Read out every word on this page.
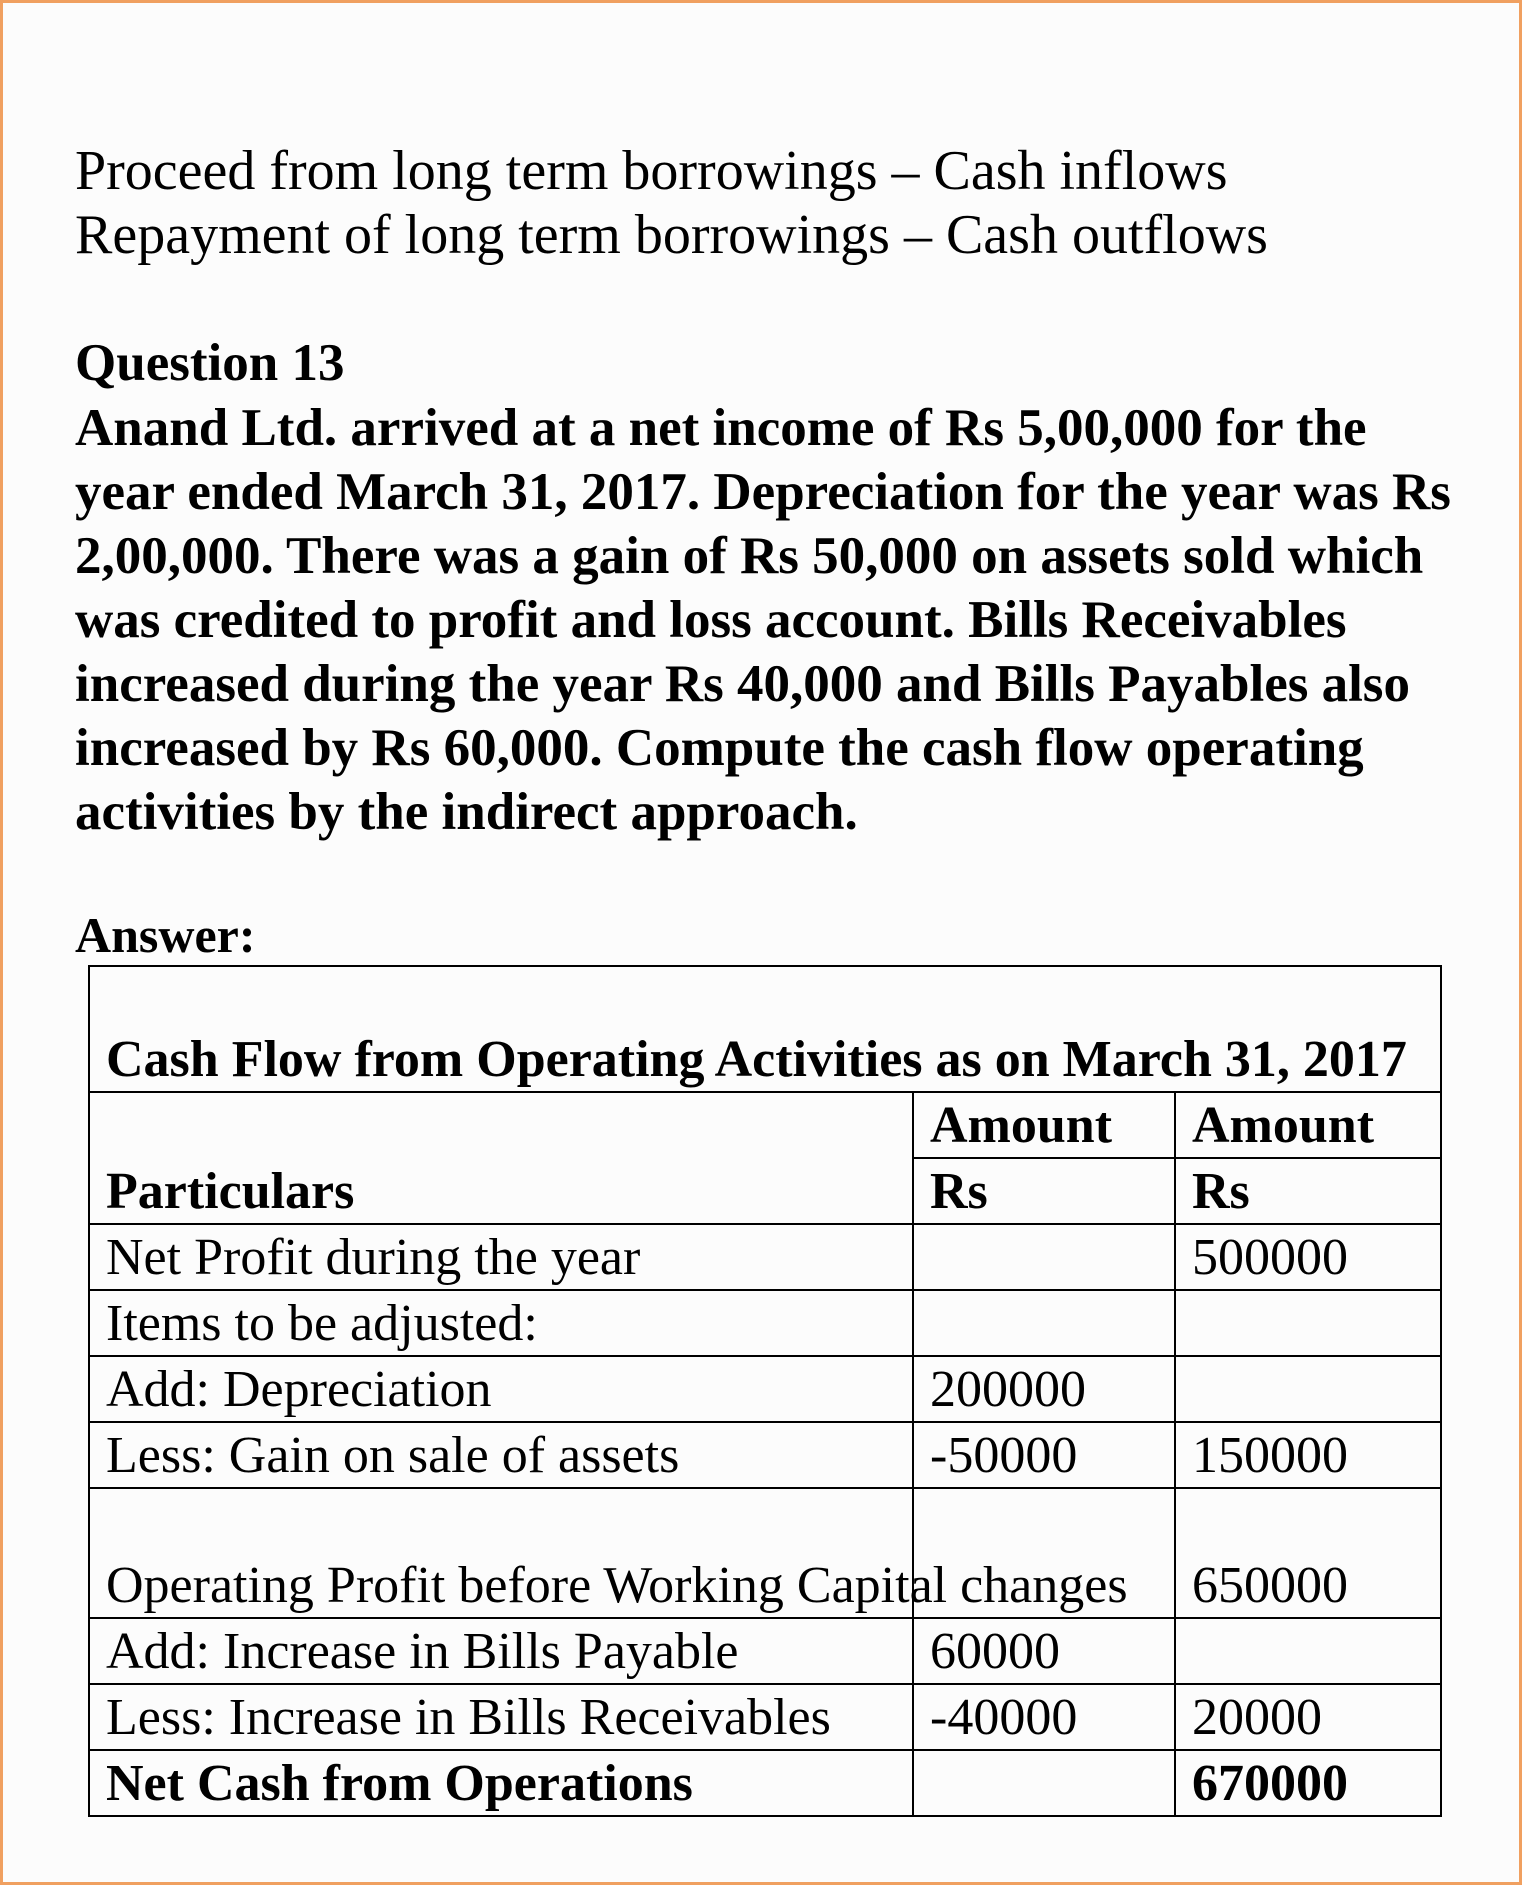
Proceed from long term borrowings – Cash inflows
Repayment of long term borrowings – Cash outflows
Question 13
Anand Ltd. arrived at a net income of Rs 5,00,000 for the year ended March 31, 2017. Depreciation for the year was Rs 2,00,000. There was a gain of Rs 50,000 on assets sold which was credited to profit and loss account. Bills Receivables increased during the year Rs 40,000 and Bills Payables also increased by Rs 60,000. Compute the cash flow operating activities by the indirect approach.
Answer:
Cash Flow from Operating Activities as on March 31, 2017		
Particulars	Amount	Amount
	Rs	Rs
Net Profit during the year		500000
Items to be adjusted:		
Add: Depreciation	200000	
Less: Gain on sale of assets	-50000	150000
Operating Profit before Working Capital changes		650000
Add: Increase in Bills Payable	60000	
Less: Increase in Bills Receivables	-40000	20000
Net Cash from Operations		670000
